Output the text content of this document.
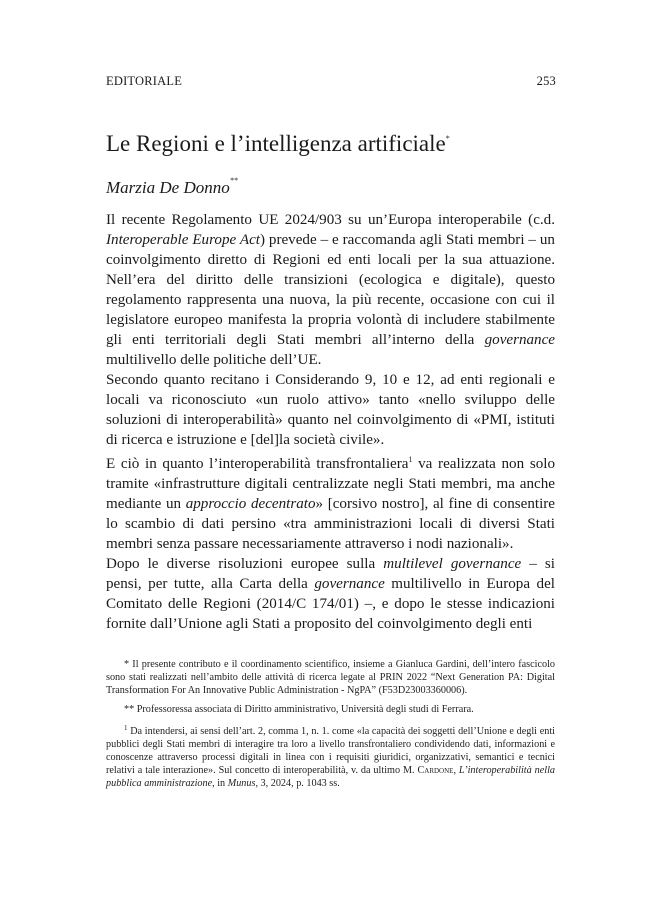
EDITORIALE	253
Le Regioni e l’intelligenza artificiale*
Marzia De Donno**

Il recente Regolamento UE 2024/903 su un’Europa interoperabile (c.d. Interoperable Europe Act) prevede – e raccomanda agli Stati membri – un coinvolgimento diretto di Regioni ed enti locali per la sua attuazione. Nell’era del diritto delle transizioni (ecologica e digitale), questo regolamento rappresenta una nuova, la più recente, occasione con cui il legislatore europeo manifesta la propria volontà di includere stabilmente gli enti territoriali degli Stati membri all’interno della governance multilivello delle politiche dell’UE.

Secondo quanto recitano i Considerando 9, 10 e 12, ad enti regionali e locali va riconosciuto «un ruolo attivo» tanto «nello sviluppo delle soluzioni di interoperabilità» quanto nel coinvolgimento di «PMI, istituti di ricerca e istruzione e [del]la società civile».

E ciò in quanto l’interoperabilità transfrontaliera$^1$ va realizzata non solo tramite «infrastrutture digitali centralizzate negli Stati membri, ma anche mediante un approccio decentrato» [corsivo nostro], al fine di consentire lo scambio di dati persino «tra amministrazioni locali di diversi Stati membri senza passare necessariamente attraverso i nodi nazionali».

Dopo le diverse risoluzioni europee sulla multilevel governance – si pensi, per tutte, alla Carta della governance multilivello in Europa del Comitato delle Regioni (2014/C 174/01) –, e dopo le stesse indicazioni fornite dall’Unione agli Stati a proposito del coinvolgimento degli enti

* Il presente contributo e il coordinamento scientifico, insieme a Gianluca Gardini, dell’intero fascicolo sono stati realizzati nell’ambito delle attività di ricerca legate al PRIN 2022 “Next Generation PA: Digital Transformation For An Innovative Public Administration - NgPA” (F53D23003360006).

** Professoressa associata di Diritto amministrativo, Università degli studi di Ferrara.

$^1$ Da intendersi, ai sensi dell’art. 2, comma 1, n. 1. come «la capacità dei soggetti dell’Unione e degli enti pubblici degli Stati membri di interagire tra loro a livello transfrontaliero condividendo dati, informazioni e conoscenze attraverso processi digitali in linea con i requisiti giuridici, organizzativi, semantici e tecnici relativi a tale interazione». Sul concetto di interoperabilità, v. da ultimo M. Cardone, L’interoperabilità nella pubblica amministrazione, in Munus, 3, 2024, p. 1043 ss.
